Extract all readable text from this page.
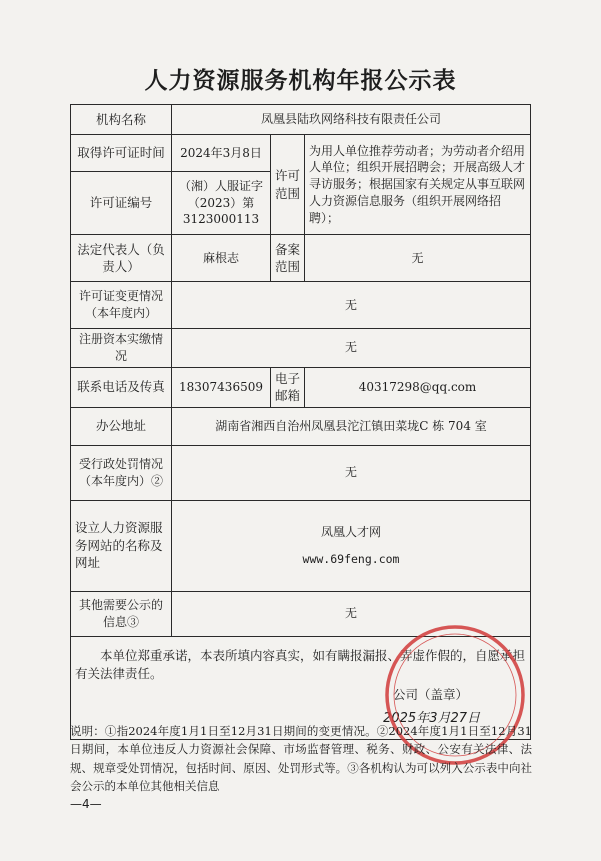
人力资源服务机构年报公示表
机构名称	凤凰县陆玖网络科技有限责任公司		
取得许可证时间	2024年3月8日	许可范围	为用人单位推荐劳动者；为劳动者介绍用人单位；组织开展招聘会；开展高级人才寻访服务；根据国家有关规定从事互联网人力资源信息服务（组织开展网络招聘）；
许可证编号	（湘）人服证字（2023）第3123000113		
法定代表人（负责人）	麻根志	备案范围	无
许可证变更情况（本年度内）	无		
注册资本实缴情况	无		
联系电话及传真	18307436509	电子邮箱	40317298@qq.com
办公地址	湖南省湘西自治州凤凰县沱江镇田菜垅C 栋 704 室		
受行政处罚情况（本年度内）②	无		
设立人力资源服务网站的名称及网址	凤凰人才网
www.69feng.com		

其他需要公示的信息③	无		

本单位郑重承诺，本表所填内容真实，如有瞒报漏报、弄虚作假的，自愿承担有关法律责任。
公司（盖章）
2025年3月27日			
说明：①指2024年度1月1日至12月31日期间的变更情况。②2024年度1月1日至12月31日期间，本单位违反人力资源社会保障、市场监督管理、税务、财政、公安有关法律、法规、规章受处罚情况，包括时间、原因、处罚形式等。③各机构认为可以列入公示表中向社会公示的本单位其他相关信息
—4—
